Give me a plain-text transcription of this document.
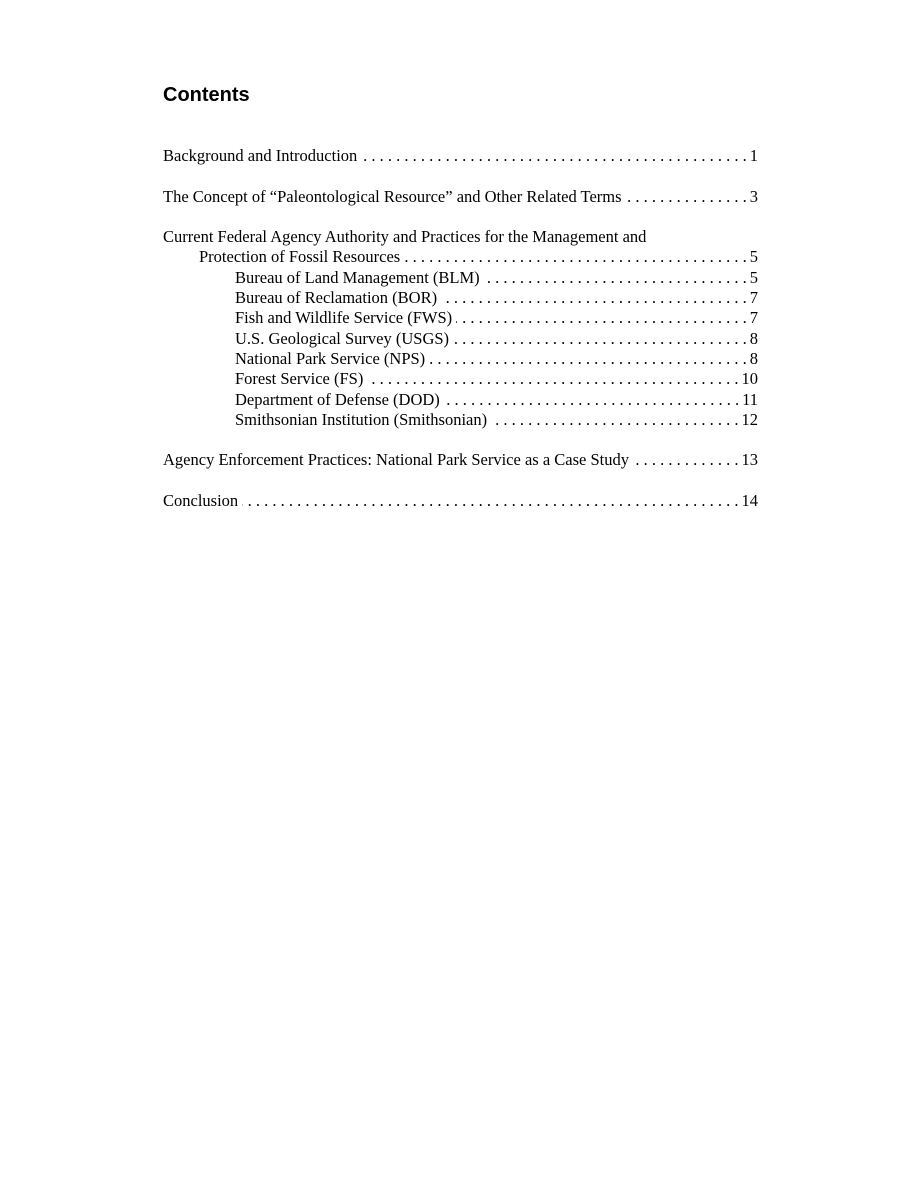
Contents
Background and Introduction . . .	1
The Concept of “Paleontological Resource” and Other Related Terms . . .	3
Current Federal Agency Authority and Practices for the Management and
Protection of Fossil Resources . . .	5
Bureau of Land Management (BLM) . . .	5
Bureau of Reclamation (BOR) . . .	7
Fish and Wildlife Service (FWS) . . .	7
U.S. Geological Survey (USGS) . . .	8
National Park Service (NPS) . . .	8
Forest Service (FS) . . .	10
Department of Defense (DOD) . . .	11
Smithsonian Institution (Smithsonian) . . .	12
Agency Enforcement Practices: National Park Service as a Case Study . . .	13
Conclusion . . .	14
